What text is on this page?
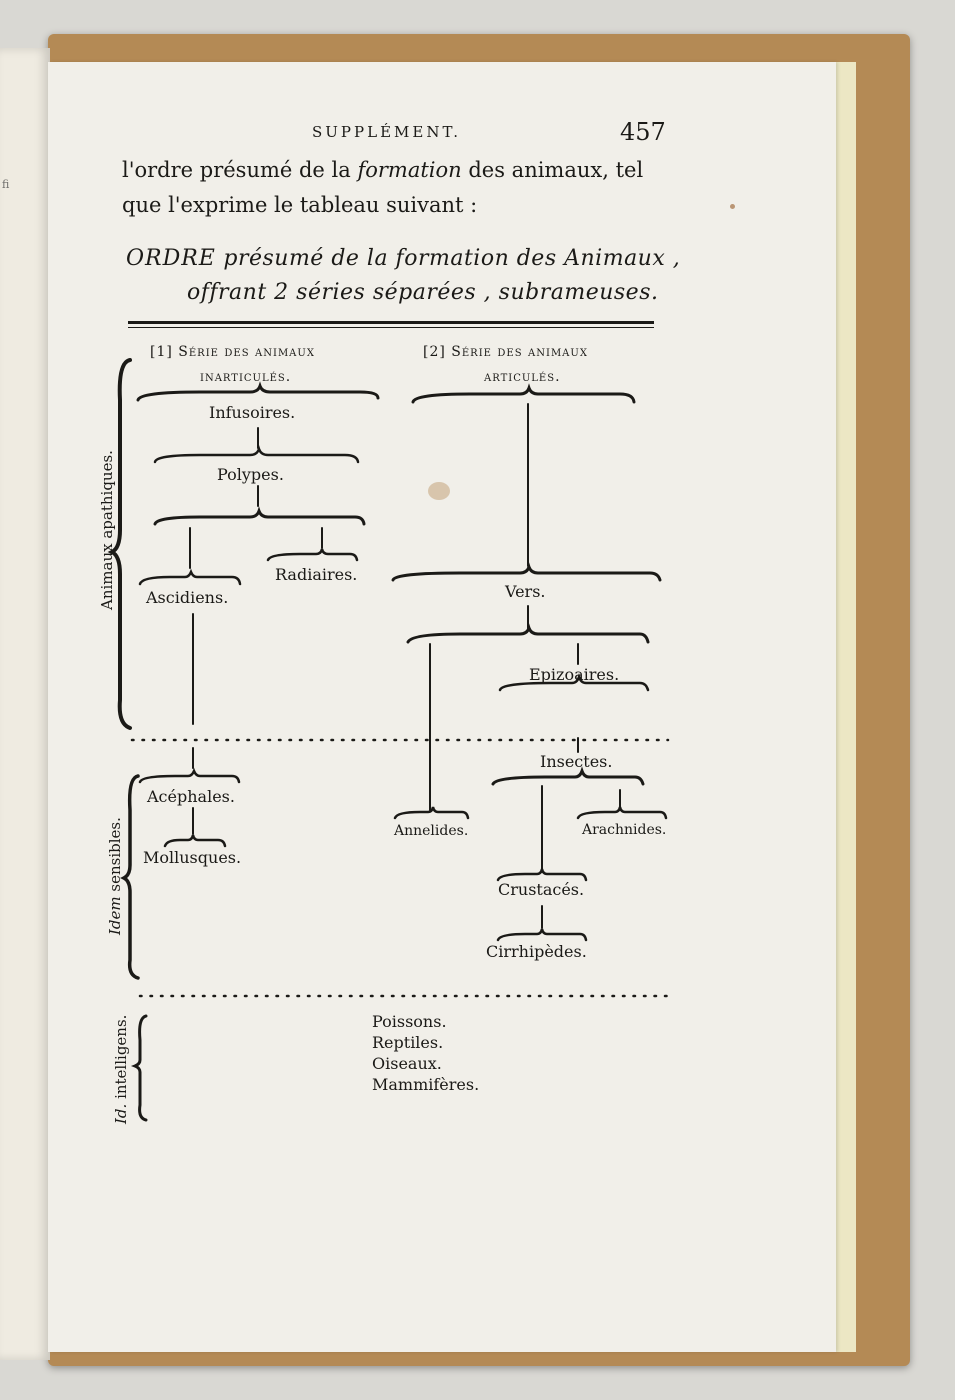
ﬁ
SUPPLÉMENT.	457
l'ordre présumé de la formation des animaux, tel
que l'exprime le tableau suivant :
ORDRE présumé de la formation des Animaux ,
offrant 2 séries séparées , subrameuses.
[1] Série des animaux
inarticulés.
[2] Série des animaux
articulés.
Animaux apathiques.
Idem sensibles.
Id. intelligens.
Infusoires.
Polypes.
Radiaires.
Ascidiens.
Acéphales.
Mollusques.
Vers.
Epizoaires.
Insectes.
Annelides.	Arachnides.
Crustacés.
Cirrhipèdes.
Poissons.
Reptiles.
Oiseaux.
Mammifères.
